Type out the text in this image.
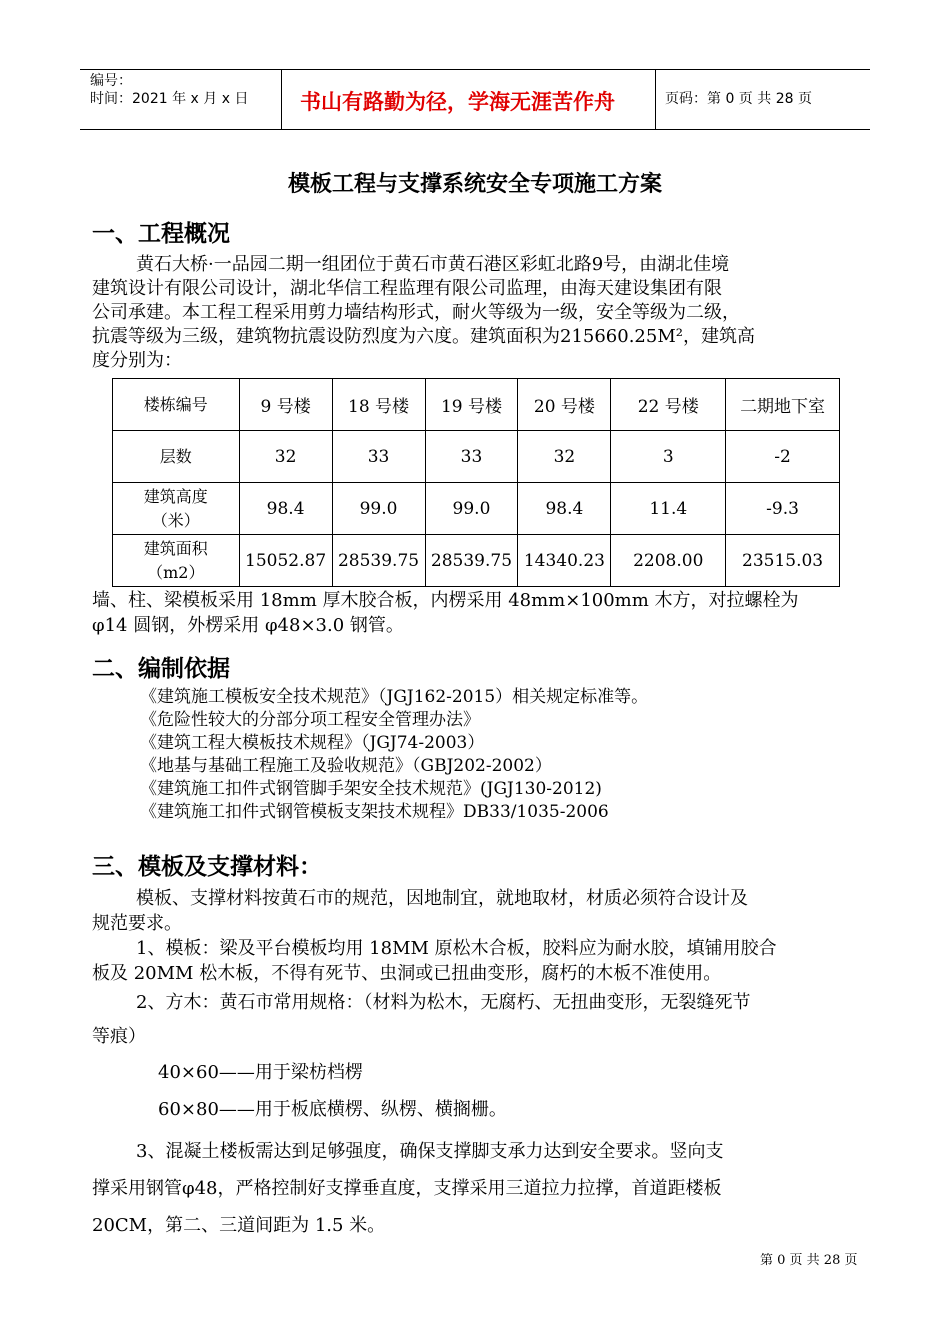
编号：
时间：2021 年 x 月 x 日 书山有路勤为径，学海无涯苦作舟	页码：第 0 页 共 28 页
模板工程与支撑系统安全专项施工方案
一、工程概况
黄石大桥·一品园二期一组团位于黄石市黄石港区彩虹北路9号，由湖北佳境
建筑设计有限公司设计，湖北华信工程监理有限公司监理，由海天建设集团有限
公司承建。本工程工程采用剪力墙结构形式，耐火等级为一级，安全等级为二级，
抗震等级为三级，建筑物抗震设防烈度为六度。建筑面积为215660.25M²，建筑高
度分别为：
楼栋编号	9 号楼	18 号楼	19 号楼	20 号楼	22 号楼	二期地下室
层数	32	33	33	32	3	-2

建筑高度
（米）	98.4	99.0	99.0	98.4	11.4	-9.3

建筑面积
（m2）	15052.87	28539.75	28539.75	14340.23	2208.00	23515.03
墙、柱、梁模板采用 18mm 厚木胶合板，内楞采用 48mm×100mm 木方，对拉螺栓为
φ14 圆钢，外楞采用 φ48×3.0 钢管。
二、编制依据
《建筑施工模板安全技术规范》（JGJ162-2015）相关规定标准等。
《危险性较大的分部分项工程安全管理办法》
《建筑工程大模板技术规程》（JGJ74-2003）
《地基与基础工程施工及验收规范》（GBJ202-2002）
《建筑施工扣件式钢管脚手架安全技术规范》(JGJ130-2012)
《建筑施工扣件式钢管模板支架技术规程》DB33/1035-2006
三、模板及支撑材料：
模板、支撑材料按黄石市的规范，因地制宜，就地取材，材质必须符合设计及
规范要求。
1、模板：梁及平台模板均用 18MM 原松木合板，胶料应为耐水胶，填铺用胶合
板及 20MM 松木板，不得有死节、虫洞或已扭曲变形，腐朽的木板不准使用。
2、方木：黄石市常用规格：（材料为松木，无腐朽、无扭曲变形，无裂缝死节
等痕）
40×60——用于梁枋档楞
60×80——用于板底横楞、纵楞、横搁栅。
3、混凝土楼板需达到足够强度，确保支撑脚支承力达到安全要求。竖向支
撑采用钢管φ48，严格控制好支撑垂直度，支撑采用三道拉力拉撑，首道距楼板
20CM，第二、三道间距为 1.5 米。
第 0 页 共 28 页
